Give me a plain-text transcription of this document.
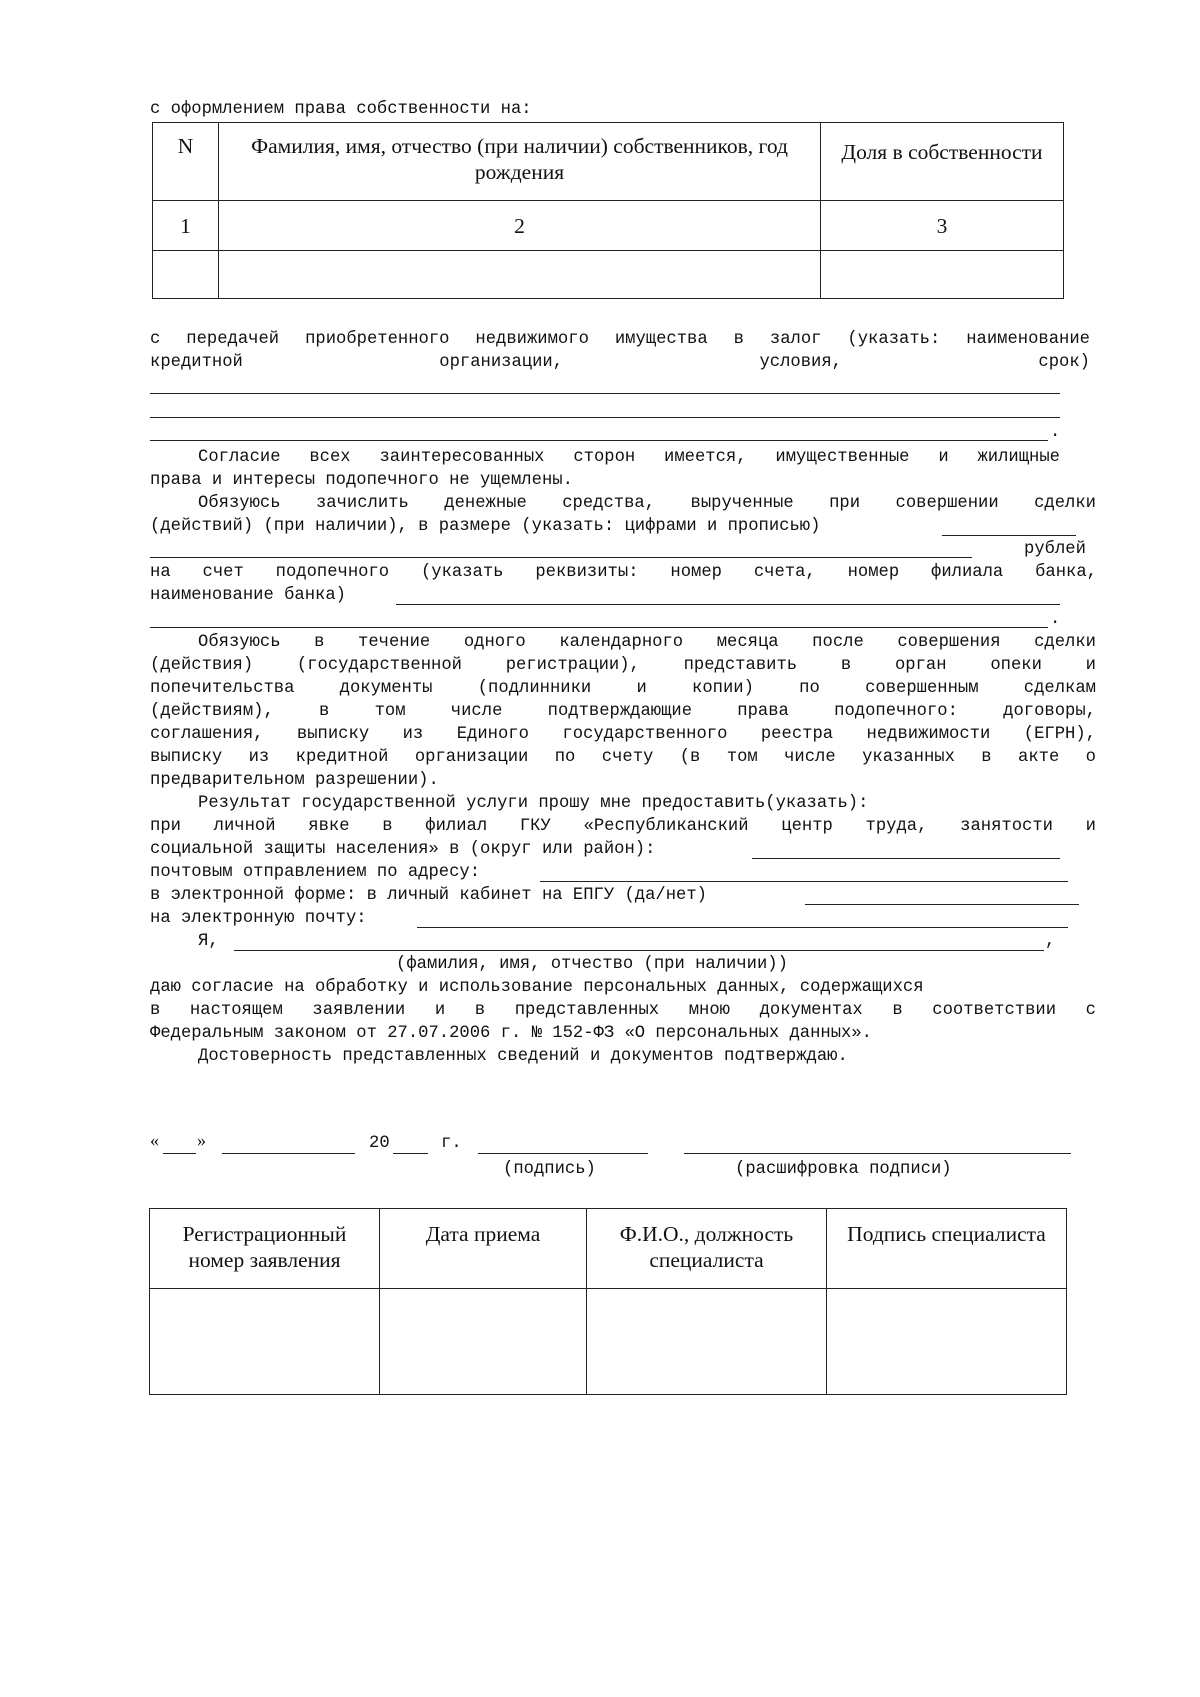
с оформлением права собственности на:
N	Фамилия, имя, отчество (при наличии) собственников, год рождения	Доля в собственности
1	2	3

с передачей приобретенного недвижимого имущества в залог (указать: наименование
кредитной	организации,	условия,	срок)
.
Согласие всех заинтересованных сторон имеется, имущественные и жилищные
права и интересы подопечного не ущемлены.
Обязуюсь зачислить денежные средства, вырученные при совершении сделки
(действий) (при наличии), в размере (указать: цифрами и прописью)
рублей
на счет подопечного (указать реквизиты: номер счета, номер филиала банка,
наименование банка)
.
Обязуюсь в течение одного календарного месяца после совершения сделки
(действия) (государственной регистрации), представить в орган опеки и
попечительства документы (подлинники и копии) по совершенным сделкам
(действиям), в том числе подтверждающие права подопечного: договоры,
соглашения, выписку из Единого государственного реестра недвижимости (ЕГРН),
выписку из кредитной организации по счету (в том числе указанных в акте о
предварительном разрешении).
Результат государственной услуги прошу мне предоставить(указать):
при личной явке в филиал ГКУ «Республиканский центр труда, занятости и
социальной защиты населения» в (округ или район):
почтовым отправлением по адресу:
в электронной форме: в личный кабинет на ЕПГУ (да/нет)
на электронную почту:
Я,	,
(фамилия, имя, отчество (при наличии))
даю согласие на обработку и использование персональных данных, содержащихся
в настоящем заявлении и в представленных мною документах в соответствии с
Федеральным законом от 27.07.2006 г. № 152-ФЗ «О персональных данных».
Достоверность представленных сведений и документов подтверждаю.
« »	20	г.
(подпись)	(расшифровка подписи)
Регистрационный номер заявления	Дата приема	Ф.И.О., должность специалиста	Подпись специалиста
